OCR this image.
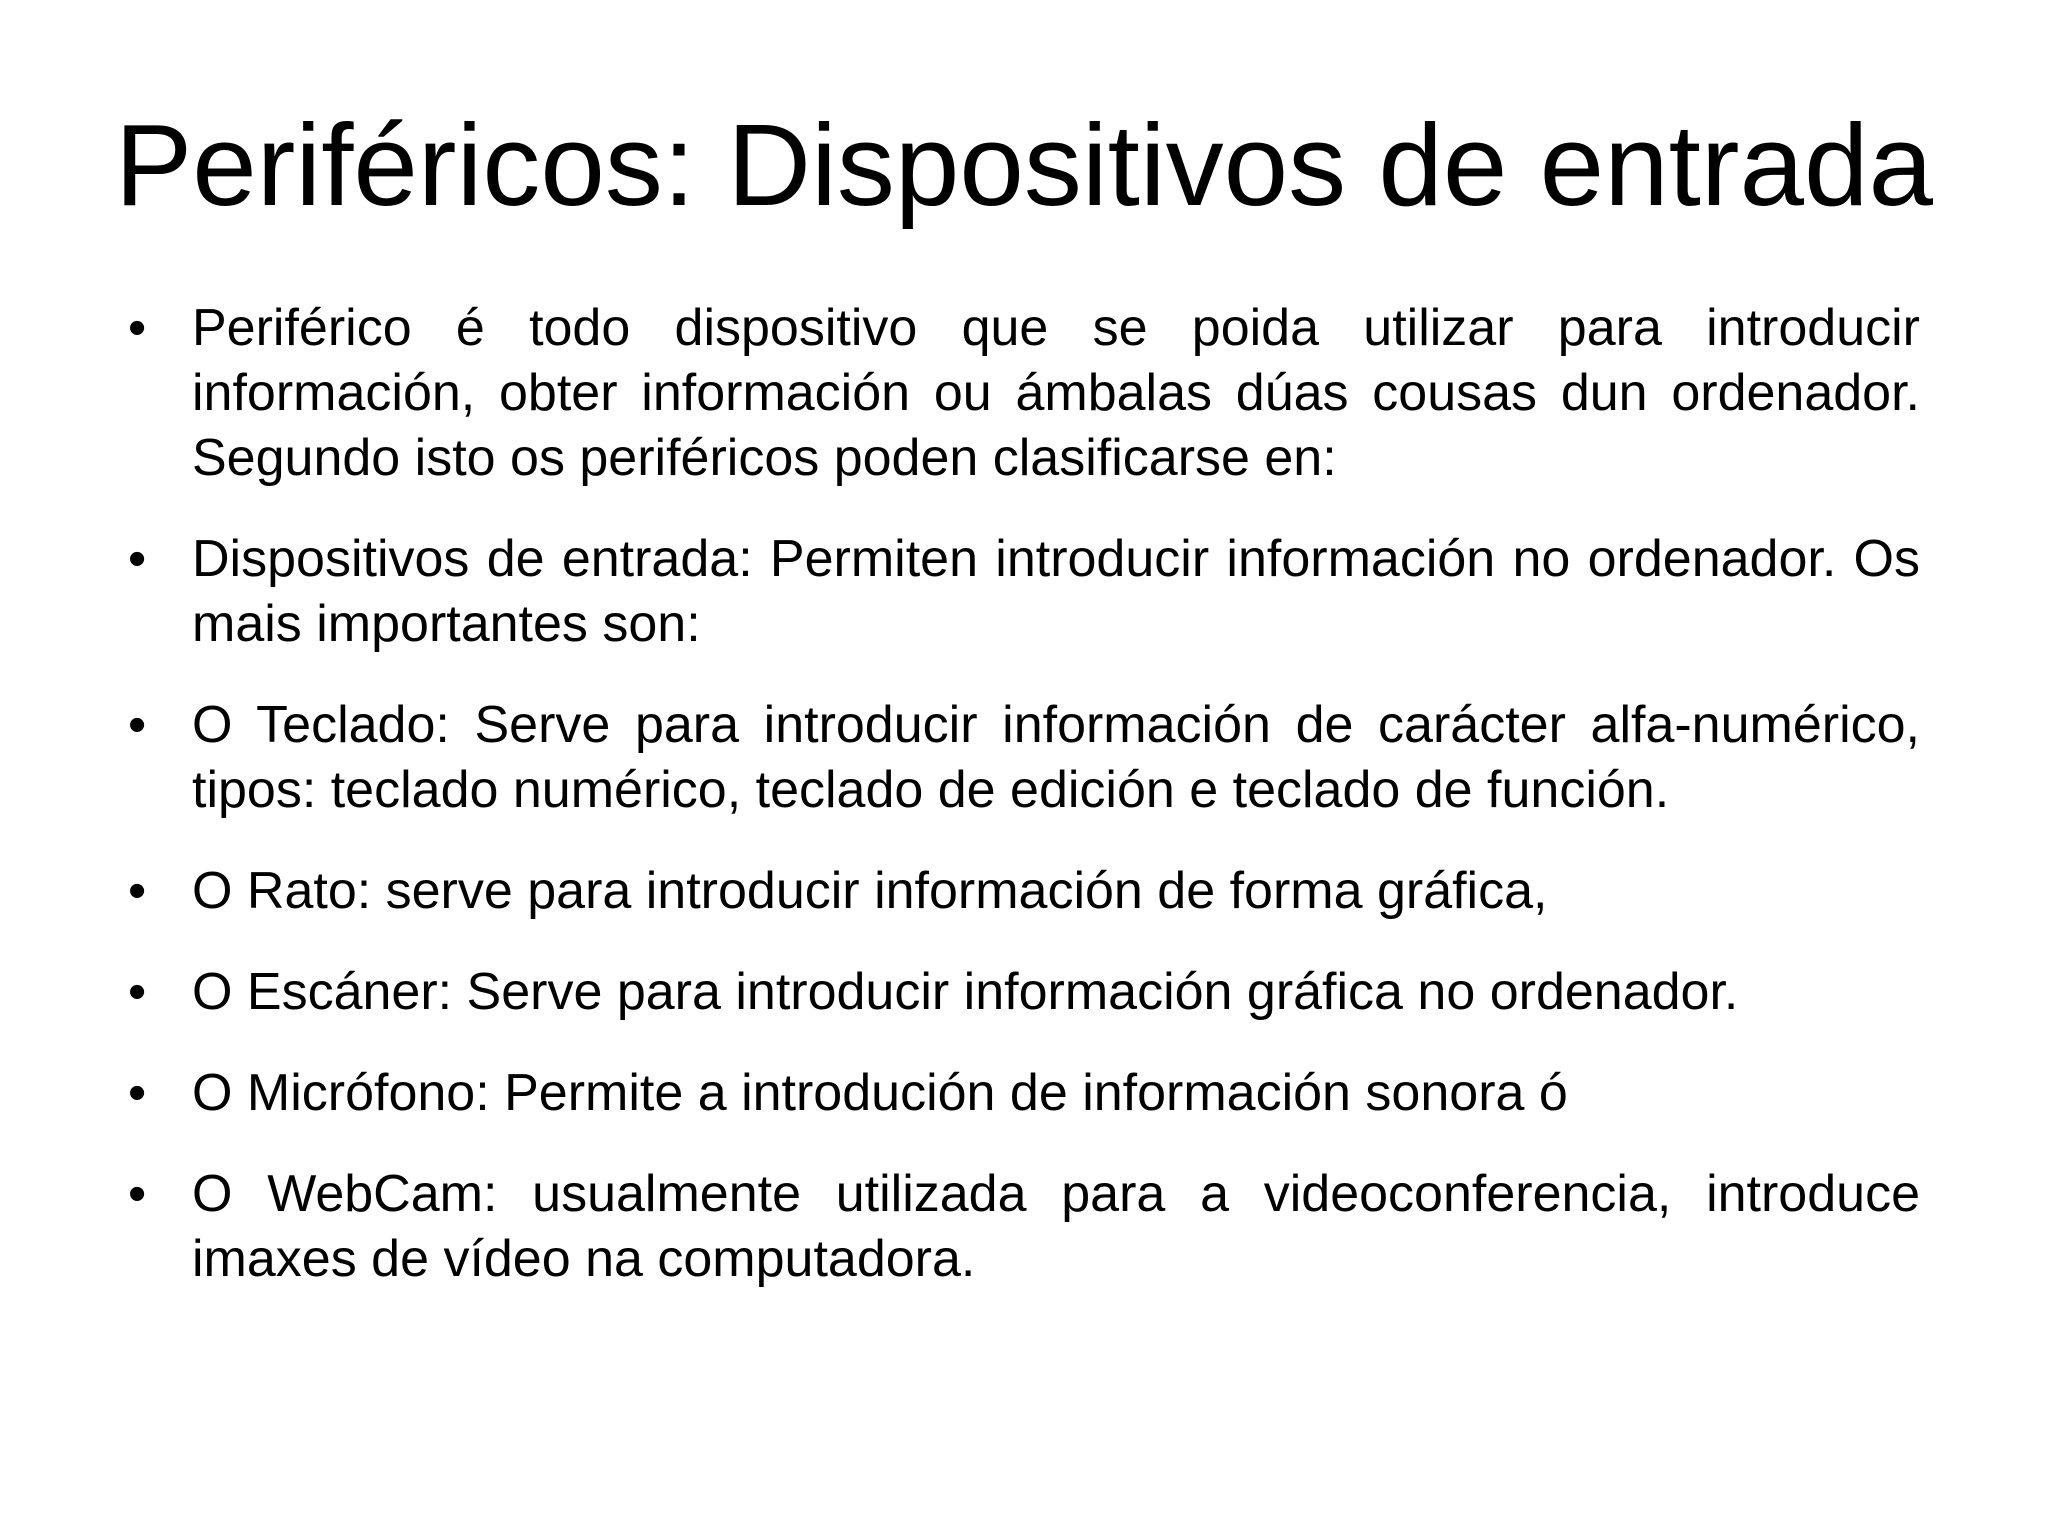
Periféricos: Dispositivos de entrada
• Periférico é todo dispositivo que se poida utilizar para introducir información, obter información ou ámbalas dúas cousas dun ordenador. Segundo isto os periféricos poden clasificarse en:
• Dispositivos de entrada: Permiten introducir información no ordenador. Os mais importantes son:
• O Teclado: Serve para introducir información de carácter alfa-numérico, tipos: teclado numérico, teclado de edición e teclado de función.
• O Rato: serve para introducir información de forma gráfica,
• O Escáner: Serve para introducir información gráfica no ordenador.
• O Micrófono: Permite a introdución de información sonora ó
• O WebCam: usualmente utilizada para a videoconferencia, introduce imaxes de vídeo na computadora.
